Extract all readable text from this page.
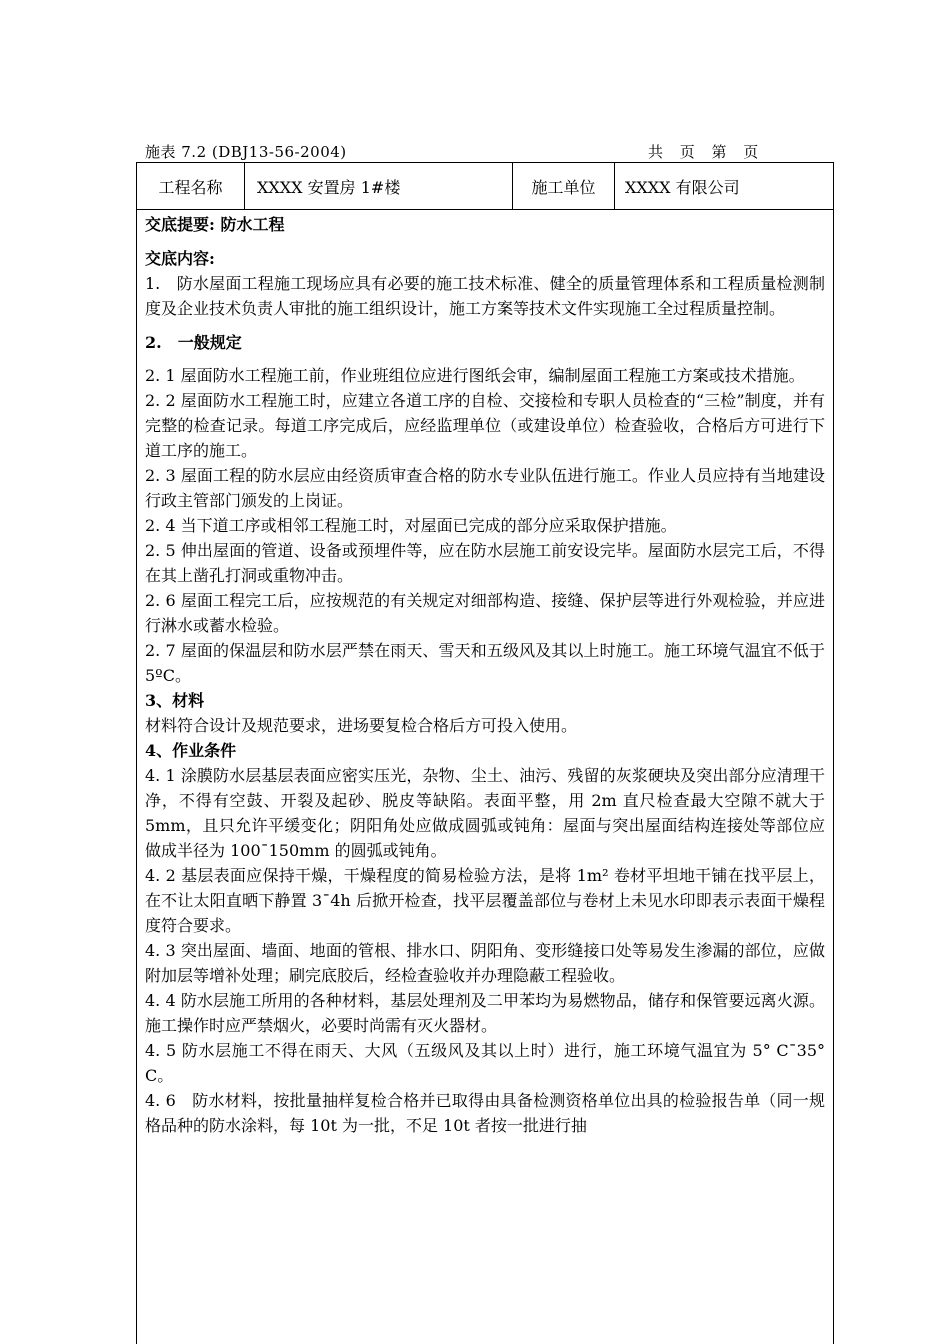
施表 7.2 (DBJ13-56-2004)	共 页 第 页
工程名称	XXXX 安置房 1#楼	施工单位	XXXX 有限公司

交底提要: 防水工程

交底内容:

1.　防水屋面工程施工现场应具有必要的施工技术标准、健全的质量管理体系和工程质量检测制度及企业技术负责人审批的施工组织设计，施工方案等技术文件实现施工全过程质量控制。

2.　一般规定

2. 1 屋面防水工程施工前，作业班组位应进行图纸会审，编制屋面工程施工方案或技术措施。

2. 2 屋面防水工程施工时，应建立各道工序的自检、交接检和专职人员检查的“三检”制度，并有完整的检查记录。每道工序完成后，应经监理单位（或建设单位）检查验收，合格后方可进行下道工序的施工。

2. 3 屋面工程的防水层应由经资质审查合格的防水专业队伍进行施工。作业人员应持有当地建设行政主管部门颁发的上岗证。

2. 4 当下道工序或相邻工程施工时，对屋面已完成的部分应采取保护措施。

2. 5 伸出屋面的管道、设备或预埋件等，应在防水层施工前安设完毕。屋面防水层完工后，不得在其上凿孔打洞或重物冲击。

2. 6 屋面工程完工后，应按规范的有关规定对细部构造、接缝、保护层等进行外观检验，并应进行淋水或蓄水检验。

2. 7 屋面的保温层和防水层严禁在雨天、雪天和五级风及其以上时施工。施工环境气温宜不低于 5ºC。

3、材料

材料符合设计及规范要求，进场要复检合格后方可投入使用。

4、作业条件

4. 1 涂膜防水层基层表面应密实压光，杂物、尘土、油污、残留的灰浆硬块及突出部分应清理干净，不得有空鼓、开裂及起砂、脱皮等缺陷。表面平整，用 2m 直尺检查最大空隙不就大于 5mm，且只允许平缓变化；阴阳角处应做成圆弧或钝角：屋面与突出屋面结构连接处等部位应做成半径为 100¯150mm 的圆弧或钝角。

4. 2 基层表面应保持干燥，干燥程度的简易检验方法，是将 1m² 卷材平坦地干铺在找平层上，在不让太阳直晒下静置 3¯4h 后掀开检查，找平层覆盖部位与卷材上未见水印即表示表面干燥程度符合要求。

4. 3 突出屋面、墙面、地面的管根、排水口、阴阳角、变形缝接口处等易发生渗漏的部位，应做附加层等增补处理；刷完底胶后，经检查验收并办理隐蔽工程验收。

4. 4 防水层施工所用的各种材料，基层处理剂及二甲苯均为易燃物品，储存和保管要远离火源。施工操作时应严禁烟火，必要时尚需有灭火器材。

4. 5 防水层施工不得在雨天、大风（五级风及其以上时）进行，施工环境气温宜为 5° C¯35° C。

4. 6　防水材料，按批量抽样复检合格并已取得由具备检测资格单位出具的检验报告单（同一规格品种的防水涂料，每 10t 为一批，不足 10t 者按一批进行抽
